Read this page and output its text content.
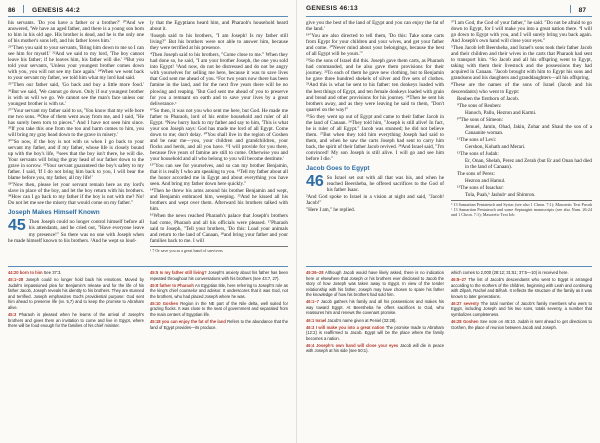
86	GENESIS 44:2	GENESIS 46:13	87

his servants. 'Do you have a father or a brother?' ²⁰And we answered, 'We have an aged father, and there is a young son born to him in his old age. His brother is dead, and he is the only one of his mother's sons left, and his father loves him.'

²¹"Then you said to your servants, 'Bring him down to me so I can see him for myself.' ²²And we said to my lord, 'The boy cannot leave his father; if he leaves him, his father will die.' ²³But you told your servants, 'Unless your youngest brother comes down with you, you will not see my face again.' ²⁴When we went back to your servant my father, we told him what my lord had said.

²⁵"Then our father said, 'Go back and buy a little more food.' ²⁶But we said, 'We cannot go down. Only if our youngest brother is with us will we go. We cannot see the man's face unless our youngest brother is with us.'

²⁷"Your servant my father said to us, 'You know that my wife bore me two sons. ²⁸One of them went away from me, and I said, "He has surely been torn to pieces." And I have not seen him since. ²⁹If you take this one from me too and harm comes to him, you will bring my gray head down to the grave in misery.'

³⁰"So now, if the boy is not with us when I go back to your servant my father, and if my father, whose life is closely bound up with the boy's life, ³¹sees that the boy isn't there, he will die. Your servants will bring the gray head of our father down to the grave in sorrow. ³²Your servant guaranteed the boy's safety to my father. I said, 'If I do not bring him back to you, I will bear the blame before you, my father, all my life!'

³³"Now then, please let your servant remain here as my lord's slave in place of the boy, and let the boy return with his brothers. ³⁴How can I go back to my father if the boy is not with me? No! Do not let me see the misery that would come on my father."

Joseph Makes Himself Known

45 Then Joseph could no longer control himself before all his attendants, and he cried out, "Have everyone leave my presence!" So there was no one with Joseph when he made himself known to his brothers. ²And he wept so loud-

ly that the Egyptians heard him, and Pharaoh's household heard about it.

³Joseph said to his brothers, "I am Joseph! Is my father still living?" But his brothers were not able to answer him, because they were terrified at his presence.

⁴Then Joseph said to his brothers, "Come close to me." When they had done so, he said, "I am your brother Joseph, the one you sold into Egypt! ⁵And now, do not be distressed and do not be angry with yourselves for selling me here, because it was to save lives that God sent me ahead of you. ⁶For two years now there has been famine in the land, and for the next five years there will be no plowing and reaping. ⁷But God sent me ahead of you to preserve for you a remnant on earth and to save your lives by a great deliverance.ᵃ

⁸"So then, it was not you who sent me here, but God. He made me father to Pharaoh, lord of his entire household and ruler of all Egypt. ⁹Now hurry back to my father and say to him, 'This is what your son Joseph says: God has made me lord of all Egypt. Come down to me; don't delay. ¹⁰You shall live in the region of Goshen and be near me—you, your children and grandchildren, your flocks and herds, and all you have. ¹¹I will provide for you there, because five years of famine are still to come. Otherwise you and your household and all who belong to you will become destitute.'

¹²"You can see for yourselves, and so can my brother Benjamin, that it is really I who am speaking to you. ¹³Tell my father about all the honor accorded me in Egypt and about everything you have seen. And bring my father down here quickly."

¹⁴Then he threw his arms around his brother Benjamin and wept, and Benjamin embraced him, weeping. ¹⁵And he kissed all his brothers and wept over them. Afterward his brothers talked with him.

¹⁶When the news reached Pharaoh's palace that Joseph's brothers had come, Pharaoh and all his officials were pleased. ¹⁷Pharaoh said to Joseph, "Tell your brothers, 'Do this: Load your animals and return to the land of Canaan, ¹⁸and bring your father and your families back to me. I will

ᵃ 7 Or save you as a great band of survivors

give you the best of the land of Egypt and you can enjoy the fat of the land.'

¹⁹"You are also directed to tell them, 'Do this: Take some carts from Egypt for your children and your wives, and get your father and come. ²⁰Never mind about your belongings, because the best of all Egypt will be yours.'"

²¹So the sons of Israel did this. Joseph gave them carts, as Pharaoh had commanded, and he also gave them provisions for their journey. ²²To each of them he gave new clothing, but to Benjamin he gave three hundred shekels of silver and five sets of clothes. ²³And this is what he sent to his father: ten donkeys loaded with the best things of Egypt, and ten female donkeys loaded with grain and bread and other provisions for his journey. ²⁴Then he sent his brothers away, and as they were leaving he said to them, "Don't quarrel on the way!"

²⁵So they went up out of Egypt and came to their father Jacob in the land of Canaan. ²⁶They told him, "Joseph is still alive! In fact, he is ruler of all Egypt." Jacob was stunned; he did not believe them. ²⁷But when they told him everything Joseph had said to them, and when he saw the carts Joseph had sent to carry him back, the spirit of their father Jacob revived. ²⁸And Israel said, "I'm convinced! My son Joseph is still alive. I will go and see him before I die."

Jacob Goes to Egypt

46 So Israel set out with all that was his, and when he reached Beersheba, he offered sacrifices to the God of his father Isaac.

²And God spoke to Israel in a vision at night and said, "Jacob! Jacob!"

"Here I am," he replied.

³"I am God, the God of your father," he said. "Do not be afraid to go down to Egypt, for I will make you into a great nation there. ⁴I will go down to Egypt with you, and I will surely bring you back again. And Joseph's own hand will close your eyes."

⁵Then Jacob left Beersheba, and Israel's sons took their father Jacob and their children and their wives in the carts that Pharaoh had sent to transport him. ⁶So Jacob and all his offspring went to Egypt, taking with them their livestock and the possessions they had acquired in Canaan. ⁷Jacob brought with him to Egypt his sons and grandsons and his daughters and granddaughters—all his offspring.

⁸These are the names of the sons of Israel (Jacob and his descendants) who went to Egypt:

Reuben the firstborn of Jacob.

⁹The sons of Reuben:

Hanoch, Pallu, Hezron and Karmi.

¹⁰The sons of Simeon:

Jemuel, Jamin, Ohad, Jakin, Zohar and Shaul the son of a Canaanite woman.

¹¹The sons of Levi:

Gershon, Kohath and Merari.

¹²The sons of Judah:

Er, Onan, Shelah, Perez and Zerah (but Er and Onan had died in the land of Canaan).

The sons of Perez:

Hezron and Hamul.

¹³The sons of Issachar:

Tola, Puah,ᵇ Jashubᶜ and Shimron.

ᵇ 13 Samaritan Pentateuch and Syriac (see also 1 Chron. 7:1); Masoretic Text Puvah ᶜ 13 Samaritan Pentateuch and some Septuagint manuscripts (see also Num. 26:24 and 1 Chron. 7:1); Masoretic Text Iob

44:20 born to him See 37:3.

45:1–28 Joseph could no longer hold back his emotions. Moved by Judah's impassioned plea for Benjamin's release and for the life of his father Jacob, Joseph reveals his identity to his brothers. They are stunned and terrified. Joseph emphasizes God's providential purpose: God sent him ahead to preserve life (vv. 5,7) and to keep the promise to Abraham alive.

45:3 Pharaoh is pleased when he learns of the arrival of Joseph's brothers and gives them an invitation to come and live in Egypt, where there will be food enough for the families of his chief minister.

45:5 Is my father still living? Joseph's anxiety about his father has been repeated throughout his conversations with his brothers (see 43:7, 27).

45:8 father to Pharaoh An Egyptian title, here referring to Joseph's role as the king's chief counselor and advisor. It underscores that it was God, not the brothers, who had placed Joseph where he was.

45:10 Goshen Region in the NE part of the Nile delta, well suited for grazing flocks. It was close to the seat of government and separated from the main centers of Egyptian life.

45:18 you can enjoy the fat of the land Refers to the abundance that the land of Egypt provides—its produce.

45:26–28 Although Jacob would have likely asked, there is no indication here or elsewhere that Joseph or his brothers ever disclosed to Jacob the story of how Joseph was taken away to Egypt. In view of the tender relationship with his father, Joseph may have chosen to spare his father the knowledge of how his brothers had sold him.

46:1–7 Jacob gathers his family and all his possessions and makes his way toward Egypt. At Beersheba he offers sacrifices to God, who reassures him and renews the covenant promise.

46:1 Israel Jacob's name given at Peniel (32:28).

46:3 I will make you into a great nation The promise made to Abraham (12:2) is reaffirmed to Jacob. Egypt will be the place where the family becomes a nation.

46:4 Joseph's own hand will close your eyes Jacob will die in peace with Joseph at his side (see 50:1).

which comes to 2,000 (28:12; 31:51; 37:5—10) is received here.

46:8–27 The list of Jacob's descendants who went to Egypt is arranged according to the mothers of the children, beginning with Leah and continuing with Zilpah, Rachel and Bilhah. It reflects the structure of the family as it was known to later generations.

46:27 seventy The total number of Jacob's family members who went to Egypt, including Joseph and his two sons, totals seventy, a number that symbolizes completeness.

46:28 Goshen See note on 45:10. Judah is sent ahead to get directions to Goshen, the place of reunion between Jacob and Joseph.
